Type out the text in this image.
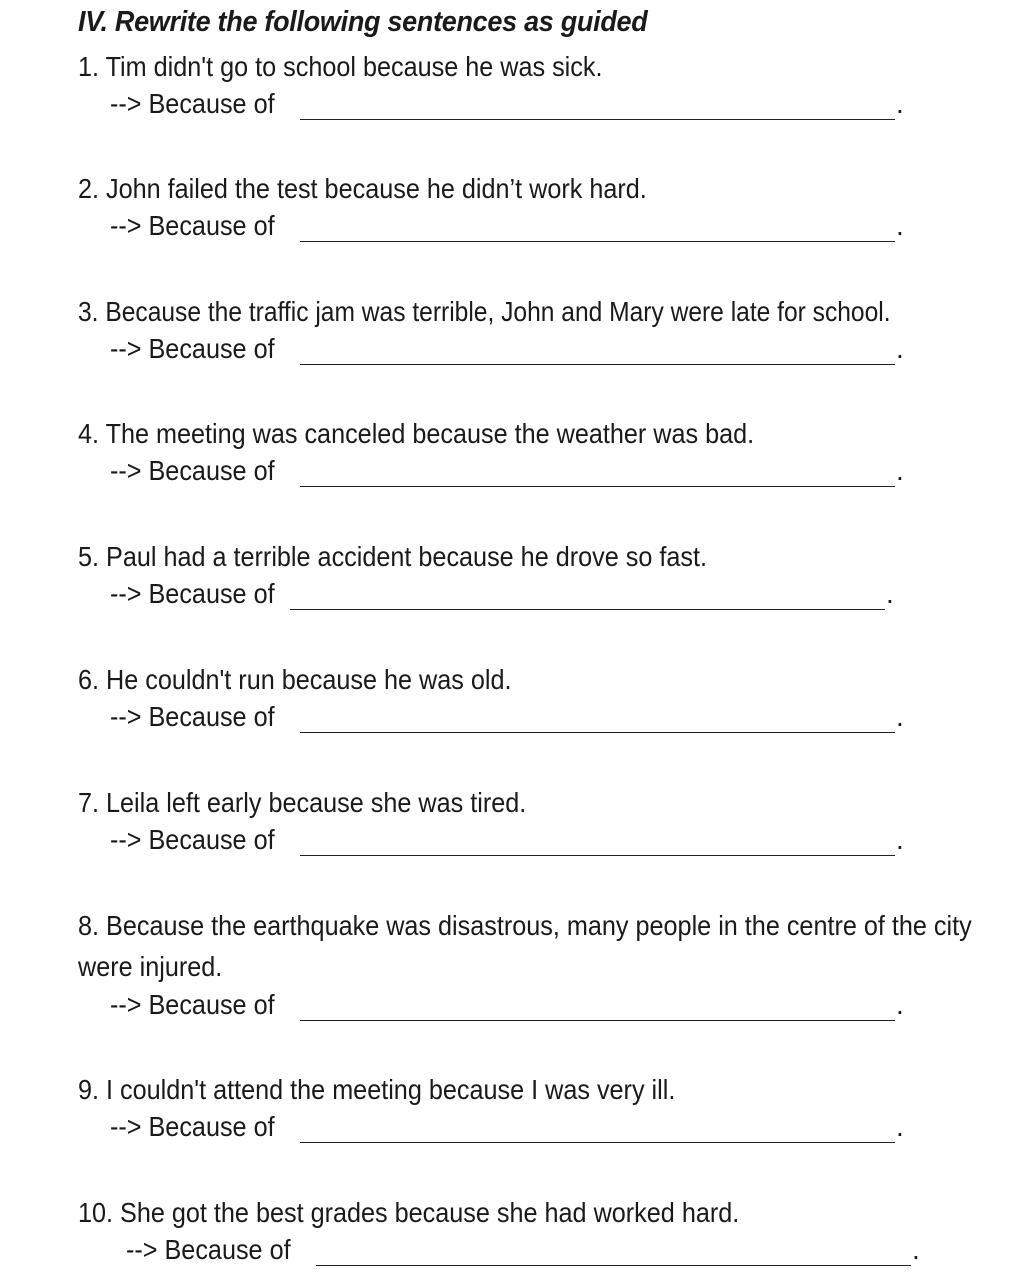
IV. Rewrite the following sentences as guided
1. Tim didn't go to school because he was sick.
--> Because of	.
2. John failed the test because he didn’t work hard.
--> Because of	.
3. Because the traffic jam was terrible, John and Mary were late for school.
--> Because of	.
4. The meeting was canceled because the weather was bad.
--> Because of	.
5. Paul had a terrible accident because he drove so fast.
--> Because of	.
6. He couldn't run because he was old.
--> Because of	.
7. Leila left early because she was tired.
--> Because of	.
8. Because the earthquake was disastrous, many people in the centre of the city
were injured.
--> Because of	.
9. I couldn't attend the meeting because I was very ill.
--> Because of	.
10. She got the best grades because she had worked hard.
--> Because of	.
